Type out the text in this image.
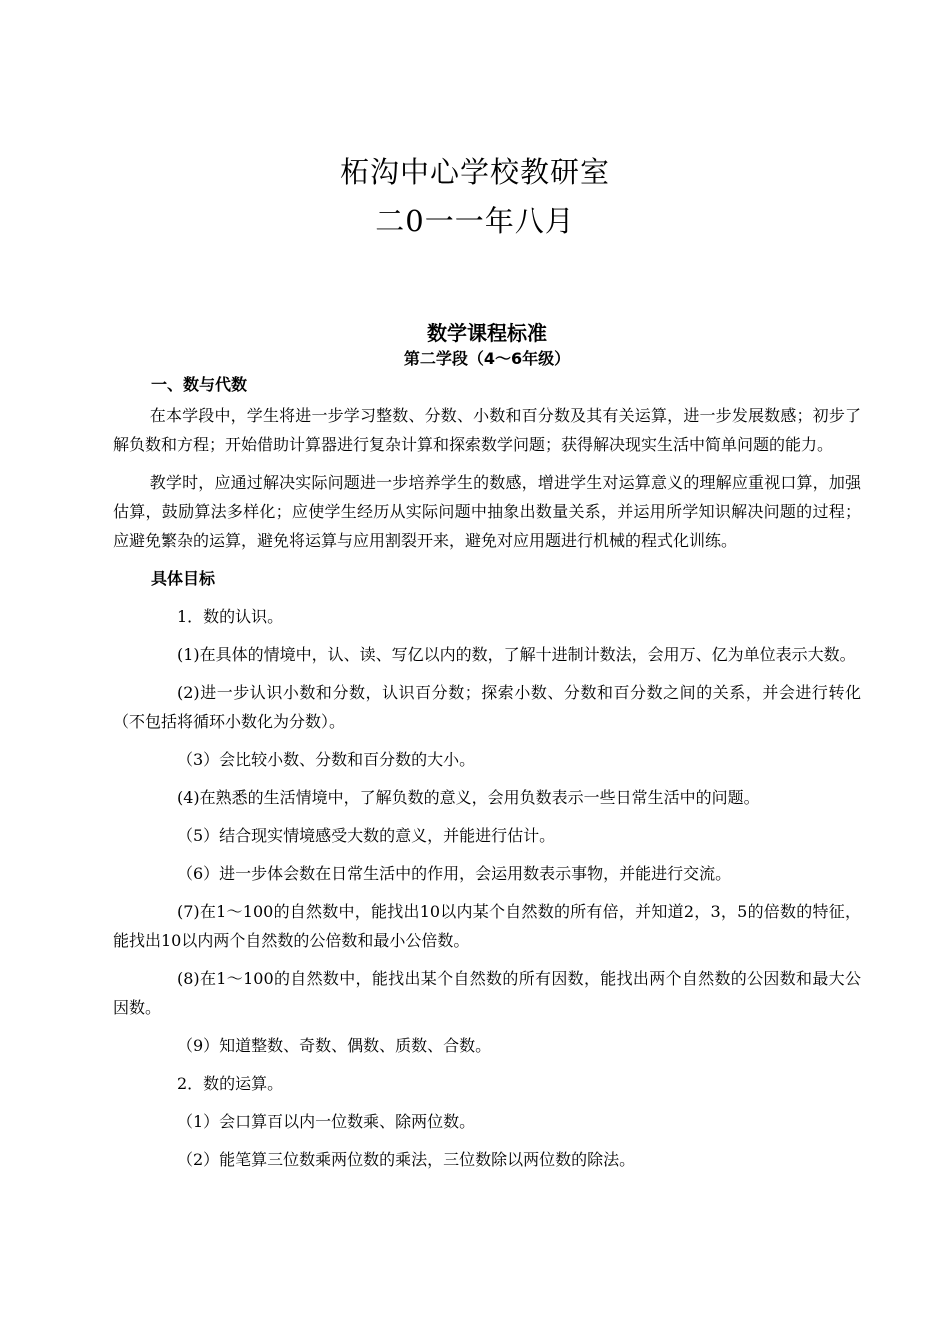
柘沟中心学校教研室
二0一一年八月
数学课程标准
第二学段（4～6年级）
一、数与代数

在本学段中，学生将进一步学习整数、分数、小数和百分数及其有关运算，进一步发展数感；初步了解负数和方程；开始借助计算器进行复杂计算和探索数学问题；获得解决现实生活中简单问题的能力。

教学时，应通过解决实际问题进一步培养学生的数感，增进学生对运算意义的理解应重视口算，加强估算，鼓励算法多样化；应使学生经历从实际问题中抽象出数量关系，并运用所学知识解决问题的过程；应避免繁杂的运算，避免将运算与应用割裂开来，避免对应用题进行机械的程式化训练。

具体目标
1．数的认识。

(1)在具体的情境中，认、读、写亿以内的数，了解十进制计数法，会用万、亿为单位表示大数。

(2)进一步认识小数和分数，认识百分数；探索小数、分数和百分数之间的关系，并会进行转化（不包括将循环小数化为分数）。

（3）会比较小数、分数和百分数的大小。

(4)在熟悉的生活情境中，了解负数的意义，会用负数表示一些日常生活中的问题。

（5）结合现实情境感受大数的意义，并能进行估计。

（6）进一步体会数在日常生活中的作用，会运用数表示事物，并能进行交流。

(7)在1～100的自然数中，能找出10以内某个自然数的所有倍，并知道2，3，5的倍数的特征，能找出10以内两个自然数的公倍数和最小公倍数。

(8)在1～100的自然数中，能找出某个自然数的所有因数，能找出两个自然数的公因数和最大公因数。

（9）知道整数、奇数、偶数、质数、合数。

2．数的运算。

（1）会口算百以内一位数乘、除两位数。

（2）能笔算三位数乘两位数的乘法，三位数除以两位数的除法。
